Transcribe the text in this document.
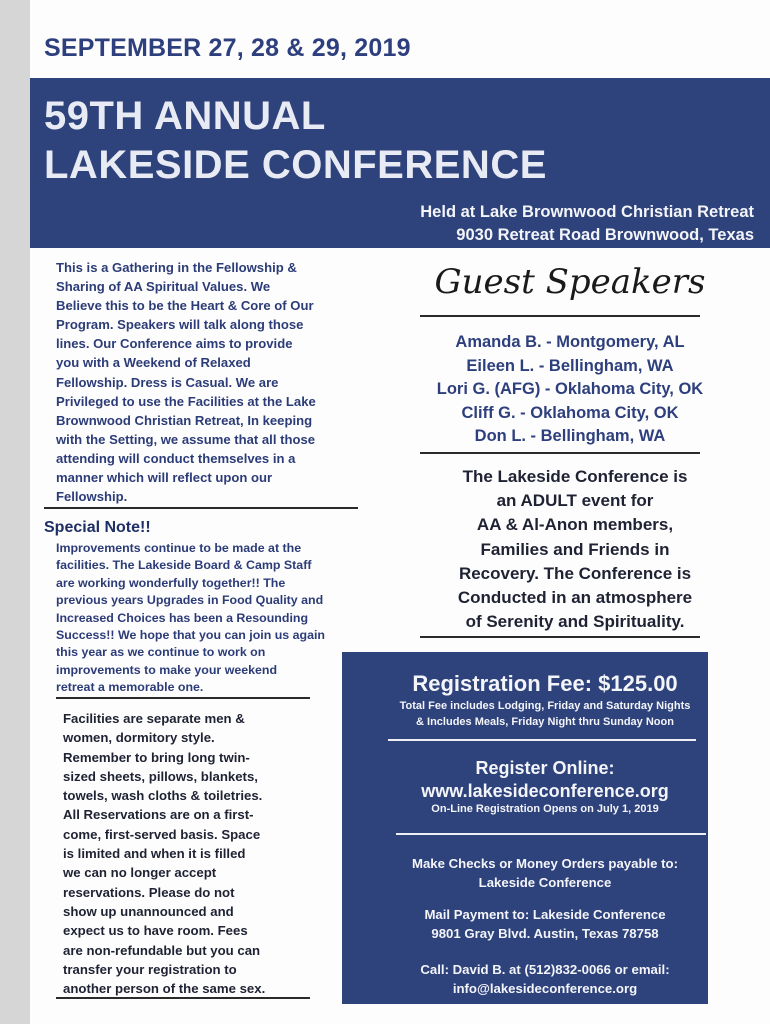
SEPTEMBER 27, 28 & 29, 2019
59TH ANNUAL
LAKESIDE CONFERENCE
Held at Lake Brownwood Christian Retreat
9030 Retreat Road Brownwood, Texas
This is a Gathering in the Fellowship &
Sharing of AA Spiritual Values. We
Believe this to be the Heart & Core of Our
Program. Speakers will talk along those
lines. Our Conference aims to provide
you with a Weekend of Relaxed
Fellowship. Dress is Casual. We are
Privileged to use the Facilities at the Lake
Brownwood Christian Retreat, In keeping
with the Setting, we assume that all those
attending will conduct themselves in a
manner which will reflect upon our
Fellowship.
Special Note!!
Improvements continue to be made at the
facilities. The Lakeside Board & Camp Staff
are working wonderfully together!! The
previous years Upgrades in Food Quality and
Increased Choices has been a Resounding
Success!! We hope that you can join us again
this year as we continue to work on
improvements to make your weekend
retreat a memorable one.
Facilities are separate men &
women, dormitory style.
Remember to bring long twin-
sized sheets, pillows, blankets,
towels, wash cloths & toiletries.
All Reservations are on a first-
come, first-served basis. Space
is limited and when it is filled
we can no longer accept
reservations. Please do not
show up unannounced and
expect us to have room. Fees
are non-refundable but you can
transfer your registration to
another person of the same sex.
Guest Speakers
Amanda B. - Montgomery, AL
Eileen L. - Bellingham, WA
Lori G. (AFG) - Oklahoma City, OK
Cliff G. - Oklahoma City, OK
Don L. - Bellingham, WA
The Lakeside Conference is
an ADULT event for
AA & Al-Anon members,
Families and Friends in
Recovery. The Conference is
Conducted in an atmosphere
of Serenity and Spirituality.
Registration Fee: $125.00
Total Fee includes Lodging, Friday and Saturday Nights
& Includes Meals, Friday Night thru Sunday Noon
Register Online:
www.lakesideconference.org
On-Line Registration Opens on July 1, 2019
Make Checks or Money Orders payable to:
Lakeside Conference
Mail Payment to: Lakeside Conference
9801 Gray Blvd. Austin, Texas 78758
Call: David B. at (512)832-0066 or email:
info@lakesideconference.org
